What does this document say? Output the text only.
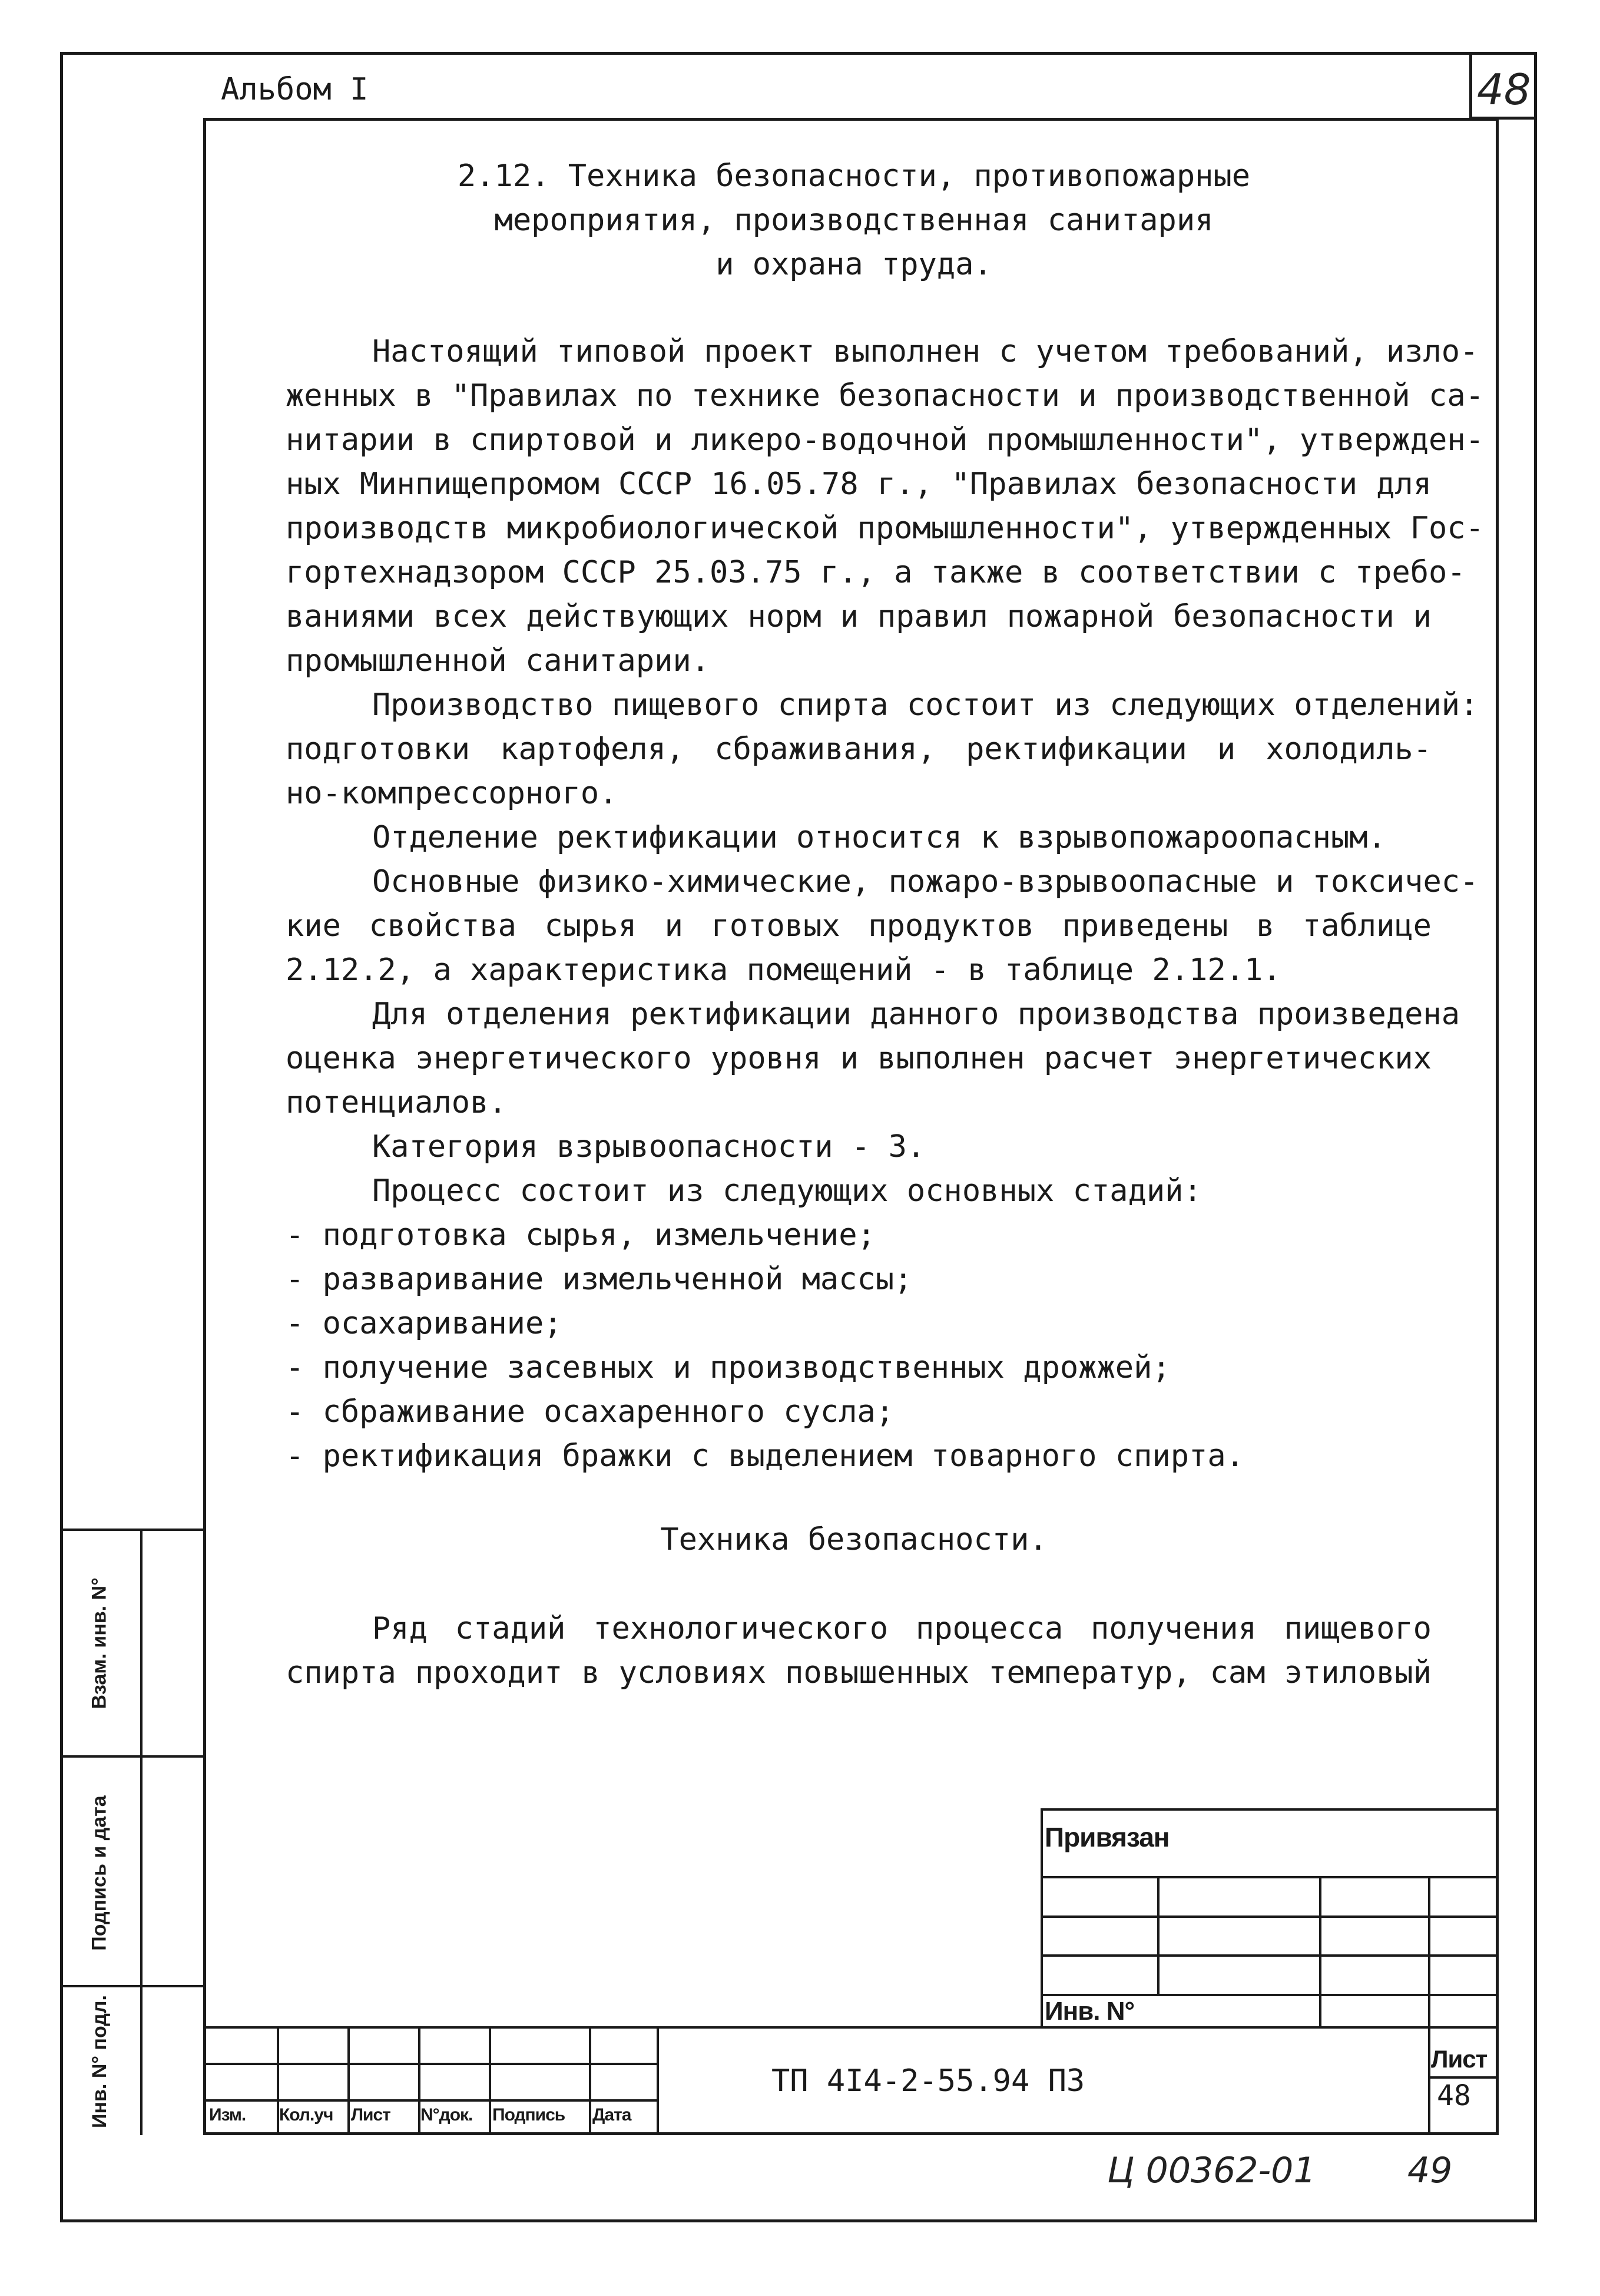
Альбом I	48
2.12. Техника безопасности, противопожарные
мероприятия, производственная санитария
и охрана труда.
Настоящий типовой проект выполнен с учетом требований, изло-
женных в "Правилах по технике безопасности и производственной са-
нитарии в спиртовой и ликеро-водочной промышленности", утвержден-
ных Минпищепромом СССР 16.05.78 г., "Правилах безопасности для
производств микробиологической промышленности", утвержденных Гос-
гортехнадзором СССР 25.03.75 г., а также в соответствии с требо-
ваниями всех действующих норм и правил пожарной безопасности и
промышленной санитарии.
Производство пищевого спирта состоит из следующих отделений:
подготовки картофеля, сбраживания, ректификации и холодиль-
но-компрессорного.
Отделение ректификации относится к взрывопожароопасным.
Основные физико-химические, пожаро-взрывоопасные и токсичес-
кие свойства сырья и готовых продуктов приведены в таблице
2.12.2, а характеристика помещений - в таблице 2.12.1.
Для отделения ректификации данного производства произведена
оценка энергетического уровня и выполнен расчет энергетических
потенциалов.
Категория взрывоопасности - 3.
Процесс состоит из следующих основных стадий:
- подготовка сырья, измельчение;
- разваривание измельченной массы;
- осахаривание;
- получение засевных и производственных дрожжей;
- сбраживание осахаренного сусла;
- ректификация бражки с выделением товарного спирта.
Техника безопасности.
Ряд стадий технологического процесса получения пищевого
спирта проходит в условиях повышенных температур, сам этиловый
Привязан
Инв. N°
Изм. Кол.уч Лист N°док. Подпись Дата
ТП 4I4-2-55.94 ПЗ
Лист
48
Взам. инв. N°
Подпись и дата
Инв. N° подл.
Ц 00362-01	49
